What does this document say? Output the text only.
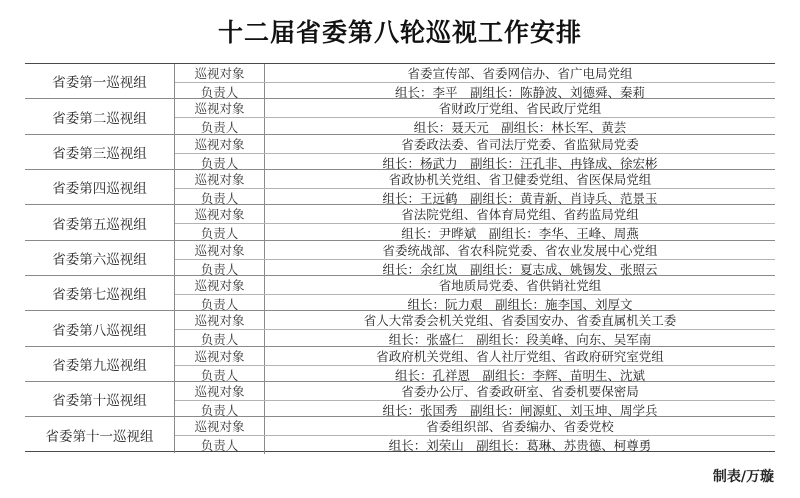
十二届省委第八轮巡视工作安排
省委第一巡视组
巡视对象	省委宣传部、省委网信办、省广电局党组
负责人	组长：李平　副组长：陈静波、刘德舜、秦莉
省委第二巡视组
巡视对象	省财政厅党组、省民政厅党组
负责人	组长：聂天元　副组长：林长军、黄芸
省委第三巡视组
巡视对象	省委政法委、省司法厅党委、省监狱局党委
负责人	组长：杨武力　副组长：汪孔非、冉锋成、徐宏彬
省委第四巡视组
巡视对象	省政协机关党组、省卫健委党组、省医保局党组
负责人	组长：王远鹤　副组长：黄青新、肖诗兵、范景玉
省委第五巡视组
巡视对象	省法院党组、省体育局党组、省药监局党组
负责人	组长：尹晔斌　副组长：李华、王峰、周燕
省委第六巡视组
巡视对象	省委统战部、省农科院党委、省农业发展中心党组
负责人	组长：余红岚　副组长：夏志成、姚锡发、张照云
省委第七巡视组
巡视对象	省地质局党委、省供销社党组
负责人	组长：阮力艰　副组长：施李国、刘厚文
省委第八巡视组
巡视对象	省人大常委会机关党组、省委国安办、省委直属机关工委
负责人	组长：张盛仁　副组长：段美峰、向东、吴军南
省委第九巡视组
巡视对象	省政府机关党组、省人社厅党组、省政府研究室党组
负责人	组长：孔祥恩　副组长：李辉、苗明生、沈斌
省委第十巡视组
巡视对象	省委办公厅、省委政研室、省委机要保密局
负责人	组长：张国秀　副组长：闸源虹、刘玉坤、周学兵
省委第十一巡视组
巡视对象	省委组织部、省委编办、省委党校
负责人	组长：刘荣山　副组长：葛琳、苏贵德、柯尊勇
制表/万璇
